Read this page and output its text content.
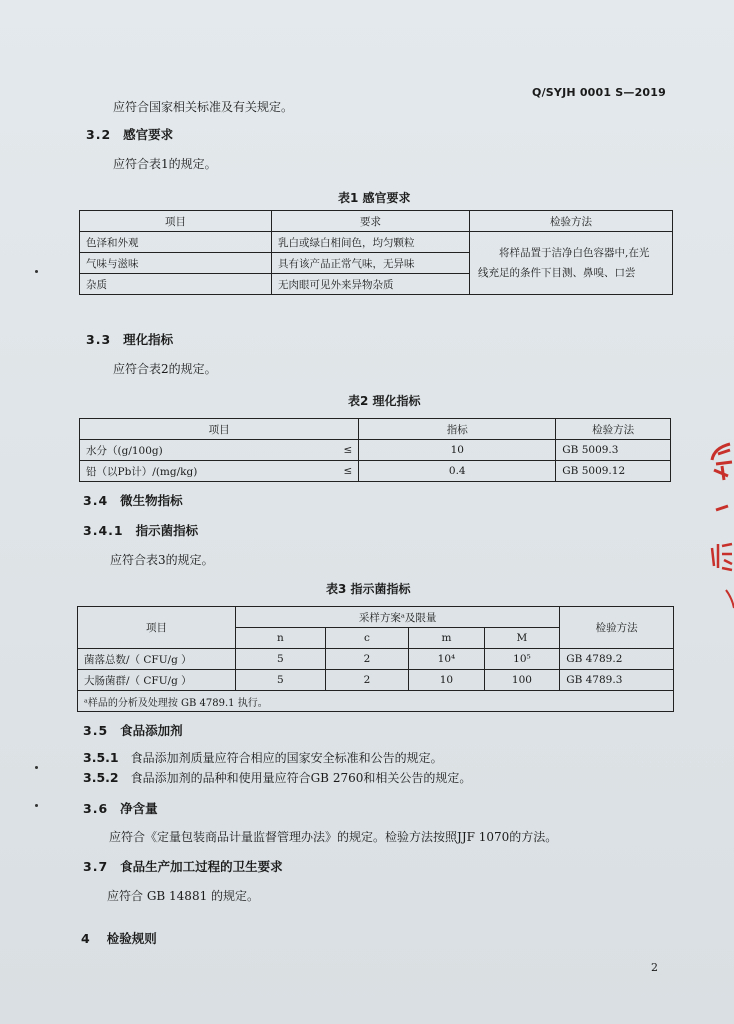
Q/SYJH 0001 S—2019
应符合国家相关标准及有关规定。
3.2 感官要求
应符合表1的规定。
表1 感官要求
项目	要求	检验方法
色泽和外观	乳白或绿白相间色，均匀颗粒	将样品置于洁净白色容器中,在光
线充足的条件下目测、鼻嗅、口尝

气味与滋味	具有该产品正常气味，无异味	
杂质	无肉眼可见外来异物杂质	
3.3 理化指标
应符合表2的规定。
表2 理化指标
项目		指标	检验方法
水分（(g/100g)	≤	10	GB 5009.3
铅（以Pb计）/(mg/kg)	≤	0.4	GB 5009.12
3.4 微生物指标
3.4.1 指示菌指标
应符合表3的规定。
表3 指示菌指标
项目	采样方案ᵃ及限量				检验方法
	n	c	m	M	
菌落总数/（ CFU/g ）	5	2	10⁴	10⁵	GB 4789.2
大肠菌群/（ CFU/g ）	5	2	10	100	GB 4789.3
ᵃ样品的分析及处理按 GB 4789.1 执行。					
3.5 食品添加剂
3.5.1 食品添加剂质量应符合相应的国家安全标准和公告的规定。
3.5.2 食品添加剂的品种和使用量应符合GB 2760和相关公告的规定。
3.6 净含量
应符合《定量包装商品计量监督管理办法》的规定。检验方法按照JJF 1070的方法。
3.7 食品生产加工过程的卫生要求
应符合 GB 14881 的规定。
4 检验规则
2
